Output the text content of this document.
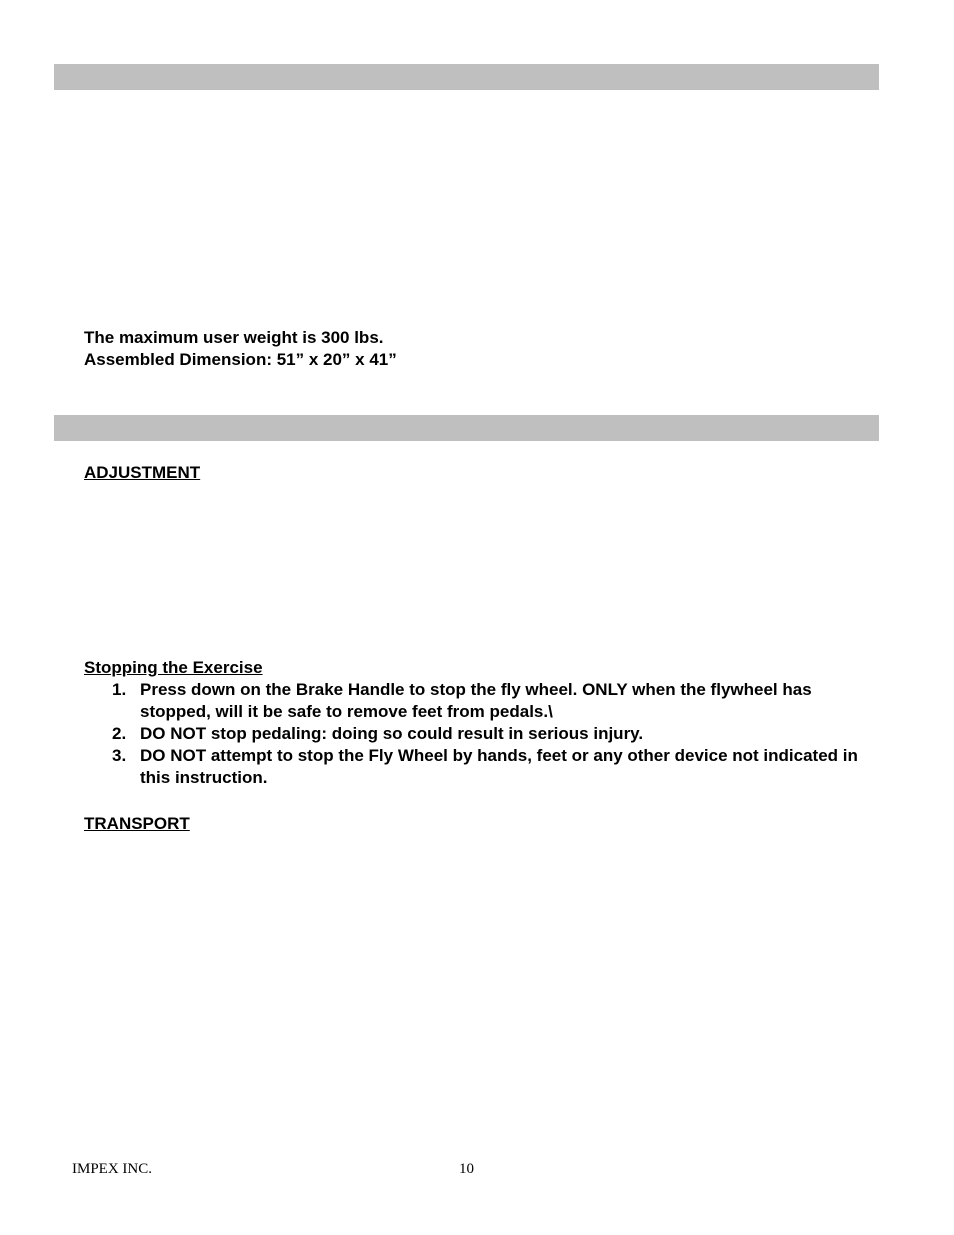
The maximum user weight is 300 lbs.
Assembled Dimension: 51” x 20” x 41”
ADJUSTMENT
Stopping the Exercise
1. Press down on the Brake Handle to stop the fly wheel. ONLY when the flywheel has stopped, will it be safe to remove feet from pedals.\
2. DO NOT stop pedaling: doing so could result in serious injury.
3. DO NOT attempt to stop the Fly Wheel by hands, feet or any other device not indicated in this instruction.
TRANSPORT
IMPEX INC.	10
